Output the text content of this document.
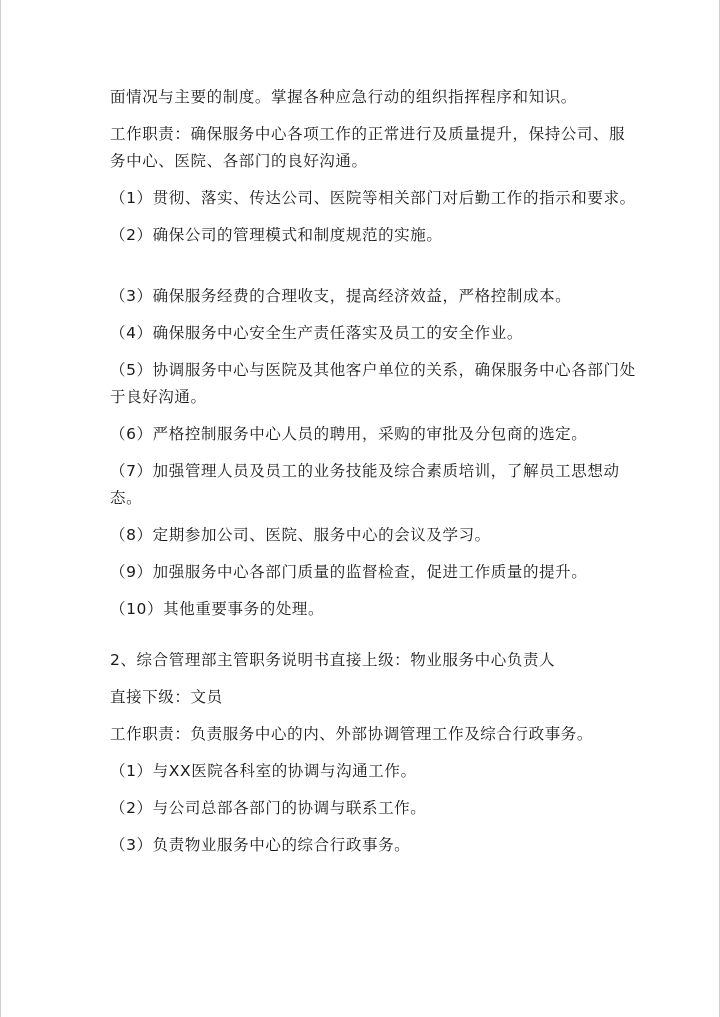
面情况与主要的制度。掌握各种应急行动的组织指挥程序和知识。

工作职责：确保服务中心各项工作的正常进行及质量提升，保持公司、服务中心、医院、各部门的良好沟通。

（1）贯彻、落实、传达公司、医院等相关部门对后勤工作的指示和要求。

（2）确保公司的管理模式和制度规范的实施。

（3）确保服务经费的合理收支，提高经济效益，严格控制成本。

（4）确保服务中心安全生产责任落实及员工的安全作业。

（5）协调服务中心与医院及其他客户单位的关系，确保服务中心各部门处于良好沟通。

（6）严格控制服务中心人员的聘用，采购的审批及分包商的选定。

（7）加强管理人员及员工的业务技能及综合素质培训，了解员工思想动态。

（8）定期参加公司、医院、服务中心的会议及学习。

（9）加强服务中心各部门质量的监督检查，促进工作质量的提升。

（10）其他重要事务的处理。

2、综合管理部主管职务说明书直接上级：物业服务中心负责人

直接下级：文员

工作职责：负责服务中心的内、外部协调管理工作及综合行政事务。

（1）与XX医院各科室的协调与沟通工作。

（2）与公司总部各部门的协调与联系工作。

（3）负责物业服务中心的综合行政事务。
